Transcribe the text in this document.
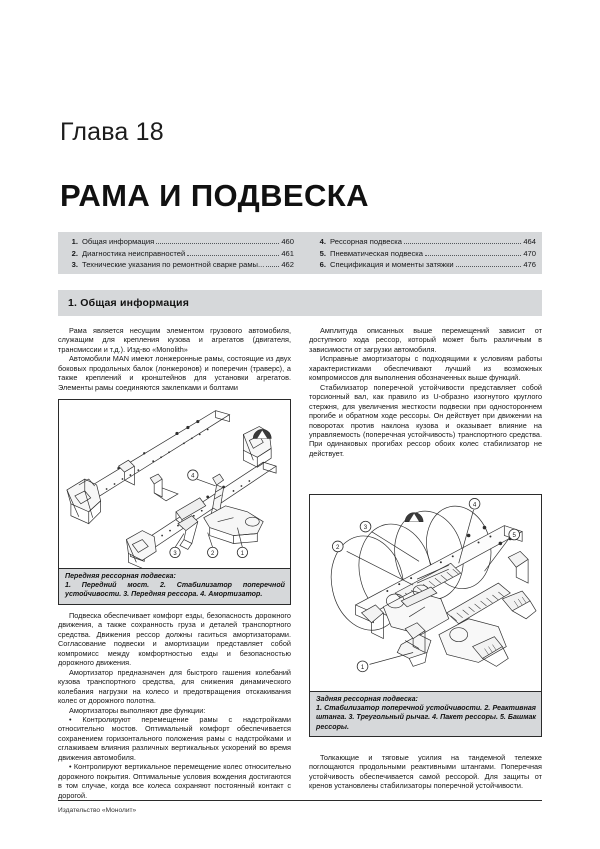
Глава 18
РАМА И ПОДВЕСКА
1. Общая информация	460
2. Диагностика неисправностей	461
3. Технические указания по ремонтной сварке рамы... 462
4. Рессорная подвеска	464
5. Пневматическая подвеска	470
6. Спецификация и моменты затяжки	476
1. Общая информация

Рама является несущим элементом грузового автомобиля, служащим для крепления кузова и агрегатов (двигателя, трансмиссии и т.д.). Изд-во «Monolith»

Автомобили MAN имеют лонжеронные рамы, состоящие из двух боковых продольных балок (лонжеронов) и поперечин (траверс), а также креплений и кронштейнов для установки агрегатов. Элементы рамы соединяются заклепками и болтами

4
3	2	1
Передняя рессорная подвеска:
1. Передний мост. 2. Стабилизатор поперечной устойчивости. 3. Передняя рессора. 4. Амортизатор.

Подвеска обеспечивает комфорт езды, безопасность дорожного движения, а также сохранность груза и деталей транспортного средства. Движения рессор должны гаситься амортизаторами. Согласование подвески и амортизации представляет собой компромисс между комфортностью езды и безопасностью дорожного движения.

Амортизатор предназначен для быстрого гашения колебаний кузова транспортного средства, для снижения динамического колебания нагрузки на колесо и предотвращения отскакивания колес от дорожного полотна.

Амортизаторы выполняют две функции:

• Контролируют перемещение рамы с надстройками относительно мостов. Оптимальный комфорт обеспечивается сохранением горизонтального положения рамы с надстройками и сглаживаем влияния различных вертикальных ускорений во время движения автомобиля.

• Контролируют вертикальное перемещение колес относительно дорожного покрытия. Оптимальные условия вождения достигаются в том случае, когда все колеса сохраняют постоянный контакт с дорогой.

Амплитуда описанных выше перемещений зависит от доступного хода рессор, который может быть различным в зависимости от загрузки автомобиля.

Исправные амортизаторы с подходящими к условиям работы характеристиками обеспечивают лучший из возможных компромиссов для выполнения обозначенных выше функций.

Стабилизатор поперечной устойчивости представляет собой торсионный вал, как правило из U-образно изогнутого круглого стержня, для увеличения жесткости подвески при одностороннем прогибе и обратном ходе рессоры. Он действует при движении на поворотах против наклона кузова и оказывает влияние на управляемость (поперечная устойчивость) транспортного средства. При одинаковых прогибах рессор обоих колес стабилизатор не действует.

2
3
4
5
1
Задняя рессорная подвеска:
1. Стабилизатор поперечной устойчивости. 2. Реактивная штанга. 3. Треугольный рычаг. 4. Пакет рессоры. 5. Башмак рессоры.

Толкающие и тяговые усилия на тандемной тележке поглощаются продольными реактивными штангами. Поперечная устойчивость обеспечивается самой рессорой. Для защиты от кренов установлены стабилизаторы поперечной устойчивости.

Издательство «Монолит»
